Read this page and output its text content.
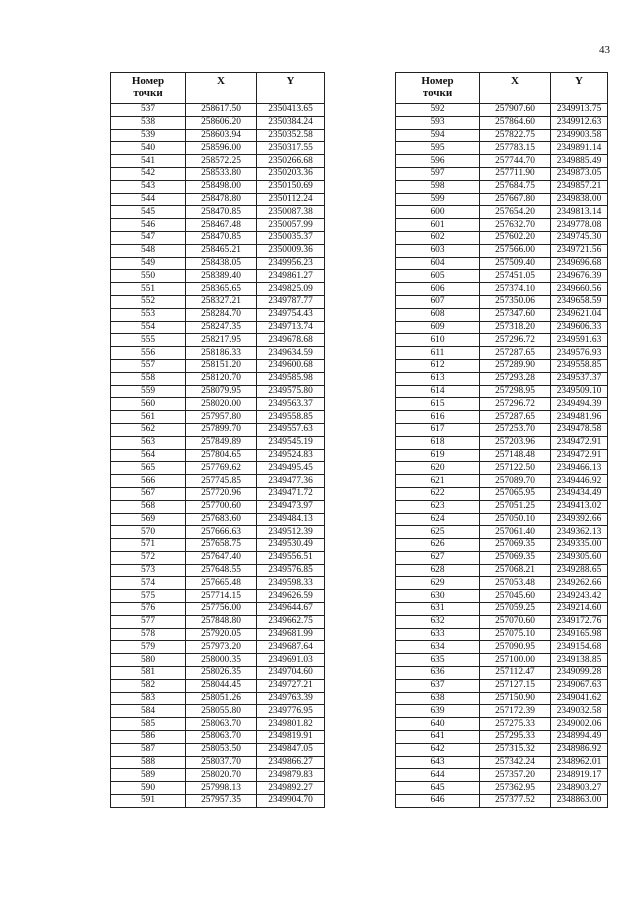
43
Номер
точки	X	Y
537	258617.50	2350413.65
538	258606.20	2350384.24
539	258603.94	2350352.58
540	258596.00	2350317.55
541	258572.25	2350266.68
542	258533.80	2350203.36
543	258498.00	2350150.69
544	258478.80	2350112.24
545	258470.85	2350087.38
546	258467.48	2350057.99
547	258470.85	2350035.37
548	258465.21	2350009.36
549	258438.05	2349956.23
550	258389.40	2349861.27
551	258365.65	2349825.09
552	258327.21	2349787.77
553	258284.70	2349754.43
554	258247.35	2349713.74
555	258217.95	2349678.68
556	258186.33	2349634.59
557	258151.20	2349600.68
558	258120.70	2349585.98
559	258079.95	2349575.80
560	258020.00	2349563.37
561	257957.80	2349558.85
562	257899.70	2349557.63
563	257849.89	2349545.19
564	257804.65	2349524.83
565	257769.62	2349495.45
566	257745.85	2349477.36
567	257720.96	2349471.72
568	257700.60	2349473.97
569	257683.60	2349484.13
570	257666.63	2349512.39
571	257658.75	2349530.49
572	257647.40	2349556.51
573	257648.55	2349576.85
574	257665.48	2349598.33
575	257714.15	2349626.59
576	257756.00	2349644.67
577	257848.80	2349662.75
578	257920.05	2349681.99
579	257973.20	2349687.64
580	258000.35	2349691.03
581	258026.35	2349704.60
582	258044.45	2349727.21
583	258051.26	2349763.39
584	258055.80	2349776.95
585	258063.70	2349801.82
586	258063.70	2349819.91
587	258053.50	2349847.05
588	258037.70	2349866.27
589	258020.70	2349879.83
590	257998.13	2349892.27
591	257957.35	2349904.70
Номер
точки	X	Y
592	257907.60	2349913.75
593	257864.60	2349912.63
594	257822.75	2349903.58
595	257783.15	2349891.14
596	257744.70	2349885.49
597	257711.90	2349873.05
598	257684.75	2349857.21
599	257667.80	2349838.00
600	257654.20	2349813.14
601	257632.70	2349778.08
602	257602.20	2349745.30
603	257566.00	2349721.56
604	257509.40	2349696.68
605	257451.05	2349676.39
606	257374.10	2349660.56
607	257350.06	2349658.59
608	257347.60	2349621.04
609	257318.20	2349606.33
610	257296.72	2349591.63
611	257287.65	2349576.93
612	257289.90	2349558.85
613	257293.28	2349537.37
614	257298.95	2349509.10
615	257296.72	2349494.39
616	257287.65	2349481.96
617	257253.70	2349478.58
618	257203.96	2349472.91
619	257148.48	2349472.91
620	257122.50	2349466.13
621	257089.70	2349446.92
622	257065.95	2349434.49
623	257051.25	2349413.02
624	257050.10	2349392.66
625	257061.40	2349362.13
626	257069.35	2349335.00
627	257069.35	2349305.60
628	257068.21	2349288.65
629	257053.48	2349262.66
630	257045.60	2349243.42
631	257059.25	2349214.60
632	257070.60	2349172.76
633	257075.10	2349165.98
634	257090.95	2349154.68
635	257100.00	2349138.85
636	257112.47	2349099.28
637	257127.15	2349067.63
638	257150.90	2349041.62
639	257172.39	2349032.58
640	257275.33	2349002.06
641	257295.33	2348994.49
642	257315.32	2348986.92
643	257342.24	2348962.01
644	257357.20	2348919.17
645	257362.95	2348903.27
646	257377.52	2348863.00
